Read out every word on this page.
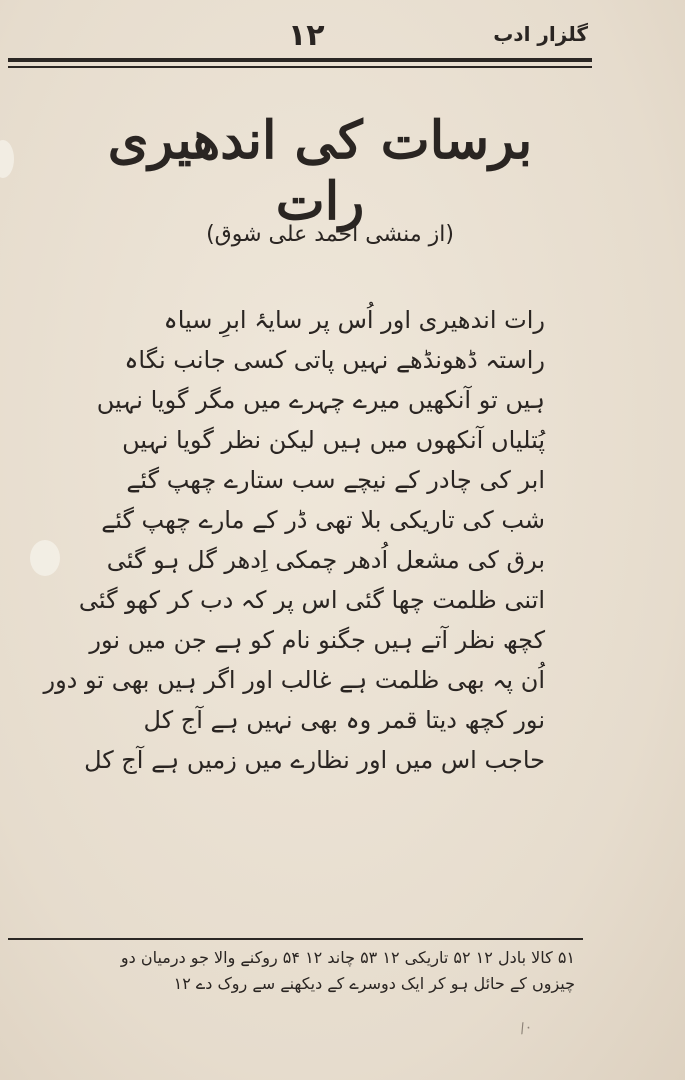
گلزار ادب
۱۲
برسات کی اندھیری رات
(از منشی احمد علی شوق)
رات اندھیری اور اُس پر سایۂ ابرِ سیاہ
راستہ ڈھونڈھے نہیں پاتی کسی جانب نگاہ
ہیں تو آنکھیں میرے چہرے میں مگر گویا نہیں
پُتلیاں آنکھوں میں ہیں لیکن نظر گویا نہیں
ابر کی چادر کے نیچے سب ستارے چھپ گئے
شب کی تاریکی بلا تھی ڈر کے مارے چھپ گئے
برق کی مشعل اُدھر چمکی اِدھر گل ہو گئی
اتنی ظلمت چھا گئی اس پر کہ دب کر کھو گئی
کچھ نظر آتے ہیں جگنو نام کو ہے جن میں نور
اُن پہ بھی ظلمت ہے غالب اور اگر ہیں بھی تو دور
نور کچھ دیتا قمر وہ بھی نہیں ہے آج کل
حاجب اس میں اور نظارے میں زمیں ہے آج کل
۵۱ کالا بادل ۱۲ ۵۲ تاریکی ۱۲ ۵۳ چاند ۱۲ ۵۴ روکنے والا جو درمیان دو
چیزوں کے حائل ہو کر ایک دوسرے کے دیکھنے سے روک دے ۱۲
/۰
